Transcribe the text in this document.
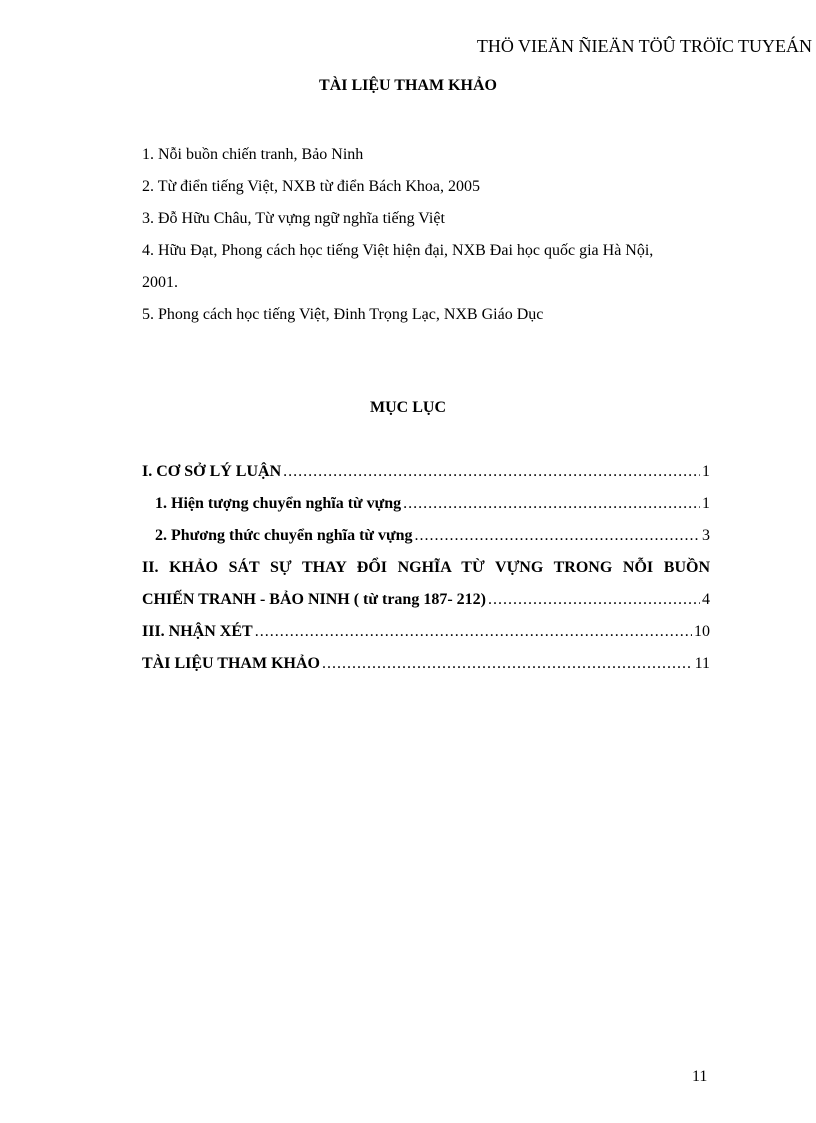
THÖ VIEÄN ÑIEÄN TÖÛ TRÖÏC TUYEÁN
TÀI LIỆU THAM KHẢO

1. Nỗi buồn chiến tranh, Bảo Ninh

2. Từ điển tiếng Việt, NXB từ điển Bách Khoa, 2005

3. Đỗ Hữu Châu, Từ vựng ngữ nghĩa tiếng Việt

4. Hữu Đạt, Phong cách học tiếng Việt hiện đại, NXB Đai học quốc gia Hà Nội,

2001.

5. Phong cách học tiếng Việt, Đinh Trọng Lạc, NXB Giáo Dục

MỤC LỤC
I. CƠ SỞ LÝ LUẬN .....	1
1. Hiện tượng chuyển nghĩa từ vựng .....	1
2. Phương thức chuyển nghĩa từ vựng .....	3
II. KHẢO SÁT SỰ THAY ĐỔI NGHĨA TỪ VỰNG TRONG NỖI BUỒN
CHIẾN TRANH - BẢO NINH ( từ trang 187- 212) .....	4
III. NHẬN XÉT .....	10
TÀI LIỆU THAM KHẢO .....	11
11
